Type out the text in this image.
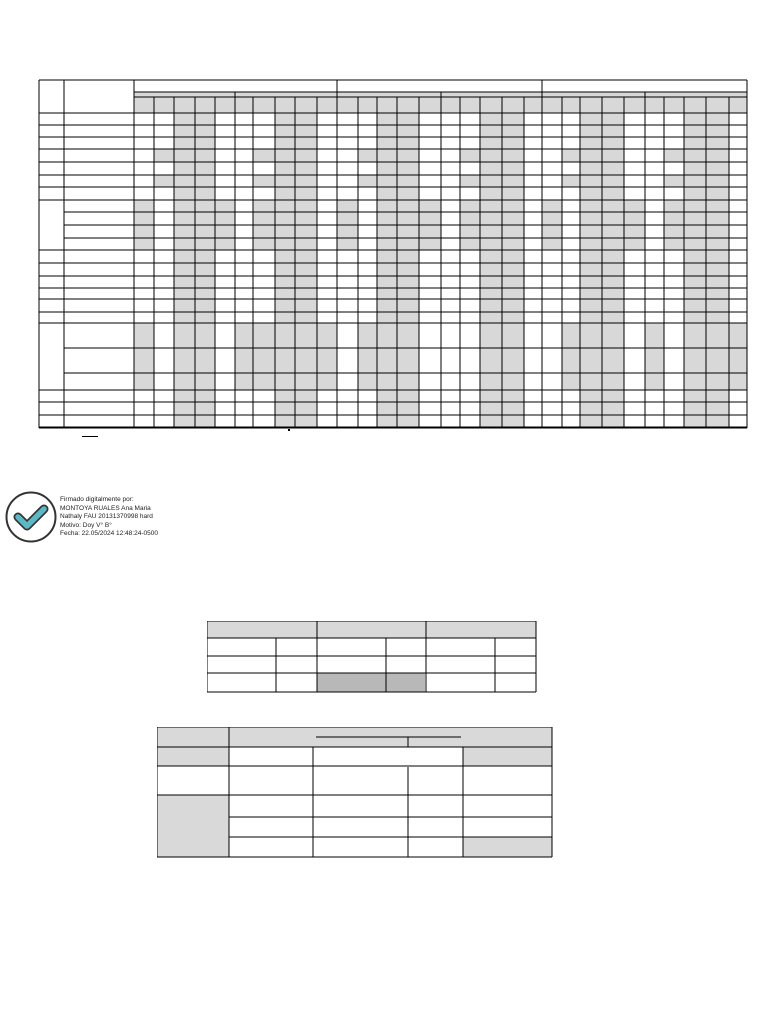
Firmado digitalmente por:
MONTOYA RUALES Ana Maria
Nathaly FAU 20131370998 hard
Motivo: Doy V° B°
Fecha: 22.05/2024 12:48:24-0500
